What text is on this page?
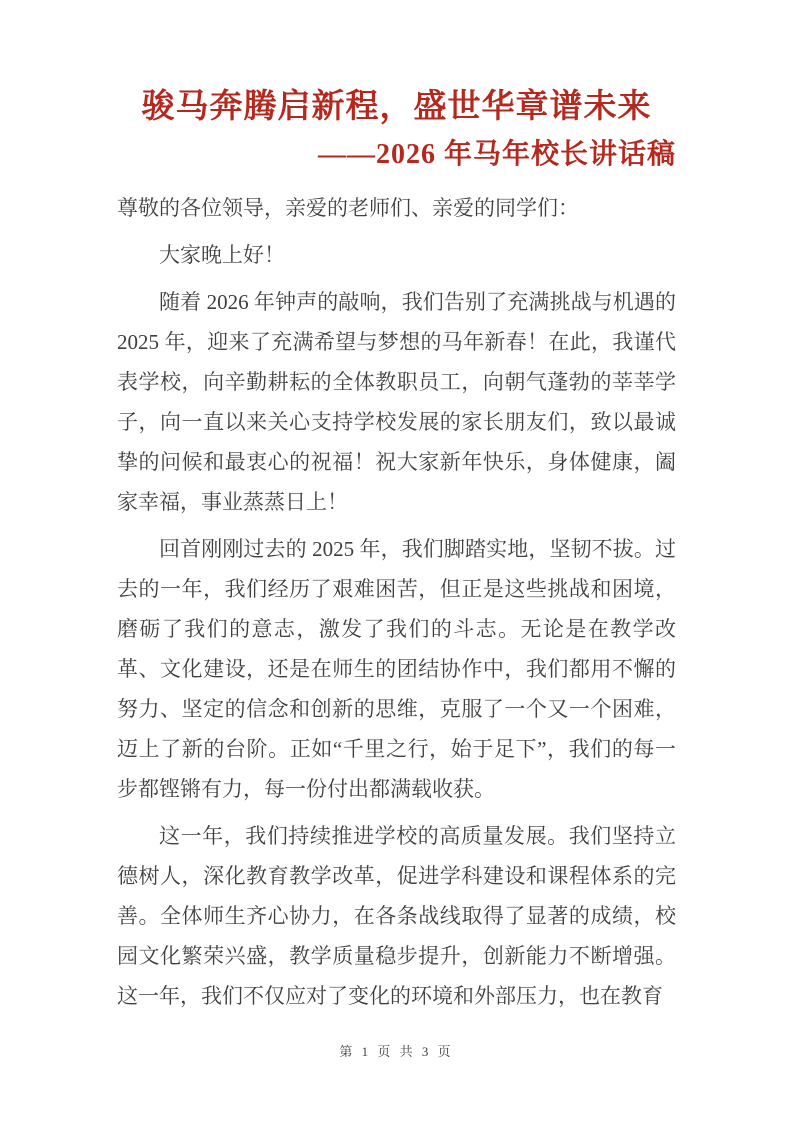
骏马奔腾启新程，盛世华章谱未来
——2026 年马年校长讲话稿

尊敬的各位领导，亲爱的老师们、亲爱的同学们：

大家晚上好！

随着 2026 年钟声的敲响，我们告别了充满挑战与机遇的 2025 年，迎来了充满希望与梦想的马年新春！在此，我谨代表学校，向辛勤耕耘的全体教职员工，向朝气蓬勃的莘莘学子，向一直以来关心支持学校发展的家长朋友们，致以最诚挚的问候和最衷心的祝福！祝大家新年快乐，身体健康，阖家幸福，事业蒸蒸日上！

回首刚刚过去的 2025 年，我们脚踏实地，坚韧不拔。过去的一年，我们经历了艰难困苦，但正是这些挑战和困境，磨砺了我们的意志，激发了我们的斗志。无论是在教学改革、文化建设，还是在师生的团结协作中，我们都用不懈的努力、坚定的信念和创新的思维，克服了一个又一个困难，迈上了新的台阶。正如“千里之行，始于足下”，我们的每一步都铿锵有力，每一份付出都满载收获。

这一年，我们持续推进学校的高质量发展。我们坚持立德树人，深化教育教学改革，促进学科建设和课程体系的完善。全体师生齐心协力，在各条战线取得了显著的成绩，校园文化繁荣兴盛，教学质量稳步提升，创新能力不断增强。这一年，我们不仅应对了变化的环境和外部压力，也在教育

第 1 页 共 3 页
